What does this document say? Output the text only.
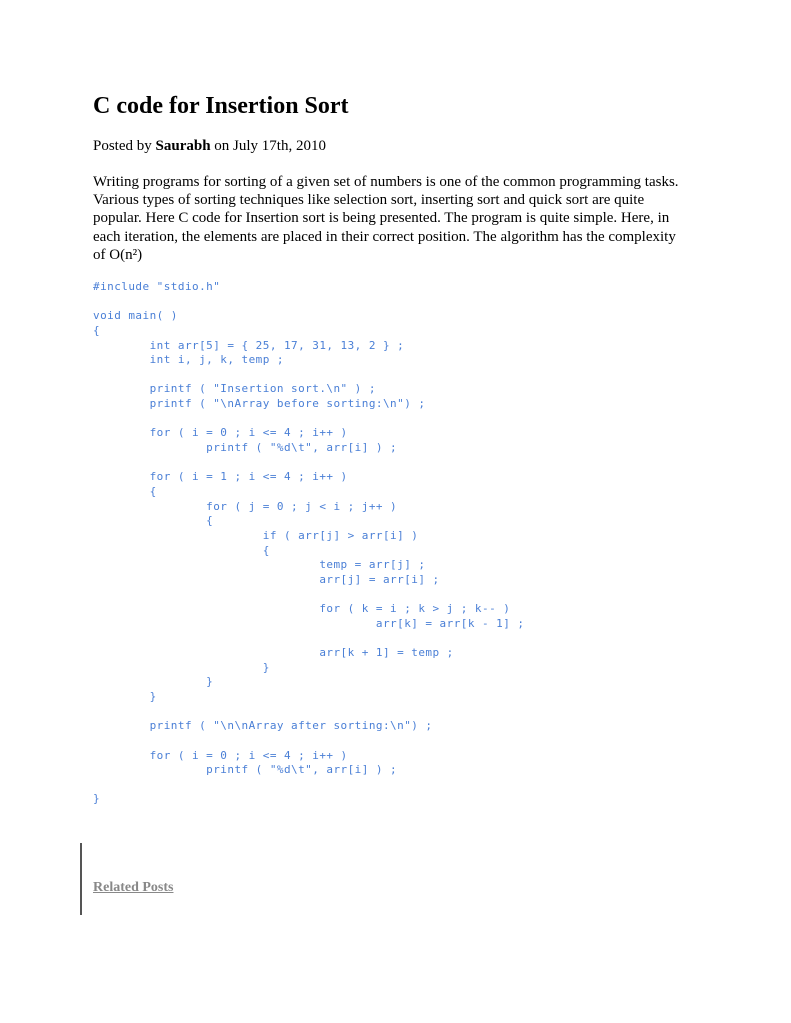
C code for Insertion Sort
Posted by Saurabh on July 17th, 2010

Writing programs for sorting of a given set of numbers is one of the common programming tasks. Various types of sorting techniques like selection sort, inserting sort and quick sort are quite popular. Here C code for Insertion sort is being presented. The program is quite simple. Here, in each iteration, the elements are placed in their correct position. The algorithm has the complexity of O(n²)

#include "stdio.h"
void main( )
{
int arr[5] = { 25, 17, 31, 13, 2 } ;
int i, j, k, temp ;
printf ( "Insertion sort.\n" ) ;
printf ( "\nArray before sorting:\n") ;
for ( i = 0 ; i <= 4 ; i++ )
printf ( "%d\t", arr[i] ) ;
for ( i = 1 ; i <= 4 ; i++ )
{
for ( j = 0 ; j < i ; j++ )
{
if ( arr[j] > arr[i] )
{
temp = arr[j] ;
arr[j] = arr[i] ;
for ( k = i ; k > j ; k-- )
arr[k] = arr[k - 1] ;
arr[k + 1] = temp ;
}
}
}
printf ( "\n\nArray after sorting:\n") ;
for ( i = 0 ; i <= 4 ; i++ )
printf ( "%d\t", arr[i] ) ;
}
Related Posts
